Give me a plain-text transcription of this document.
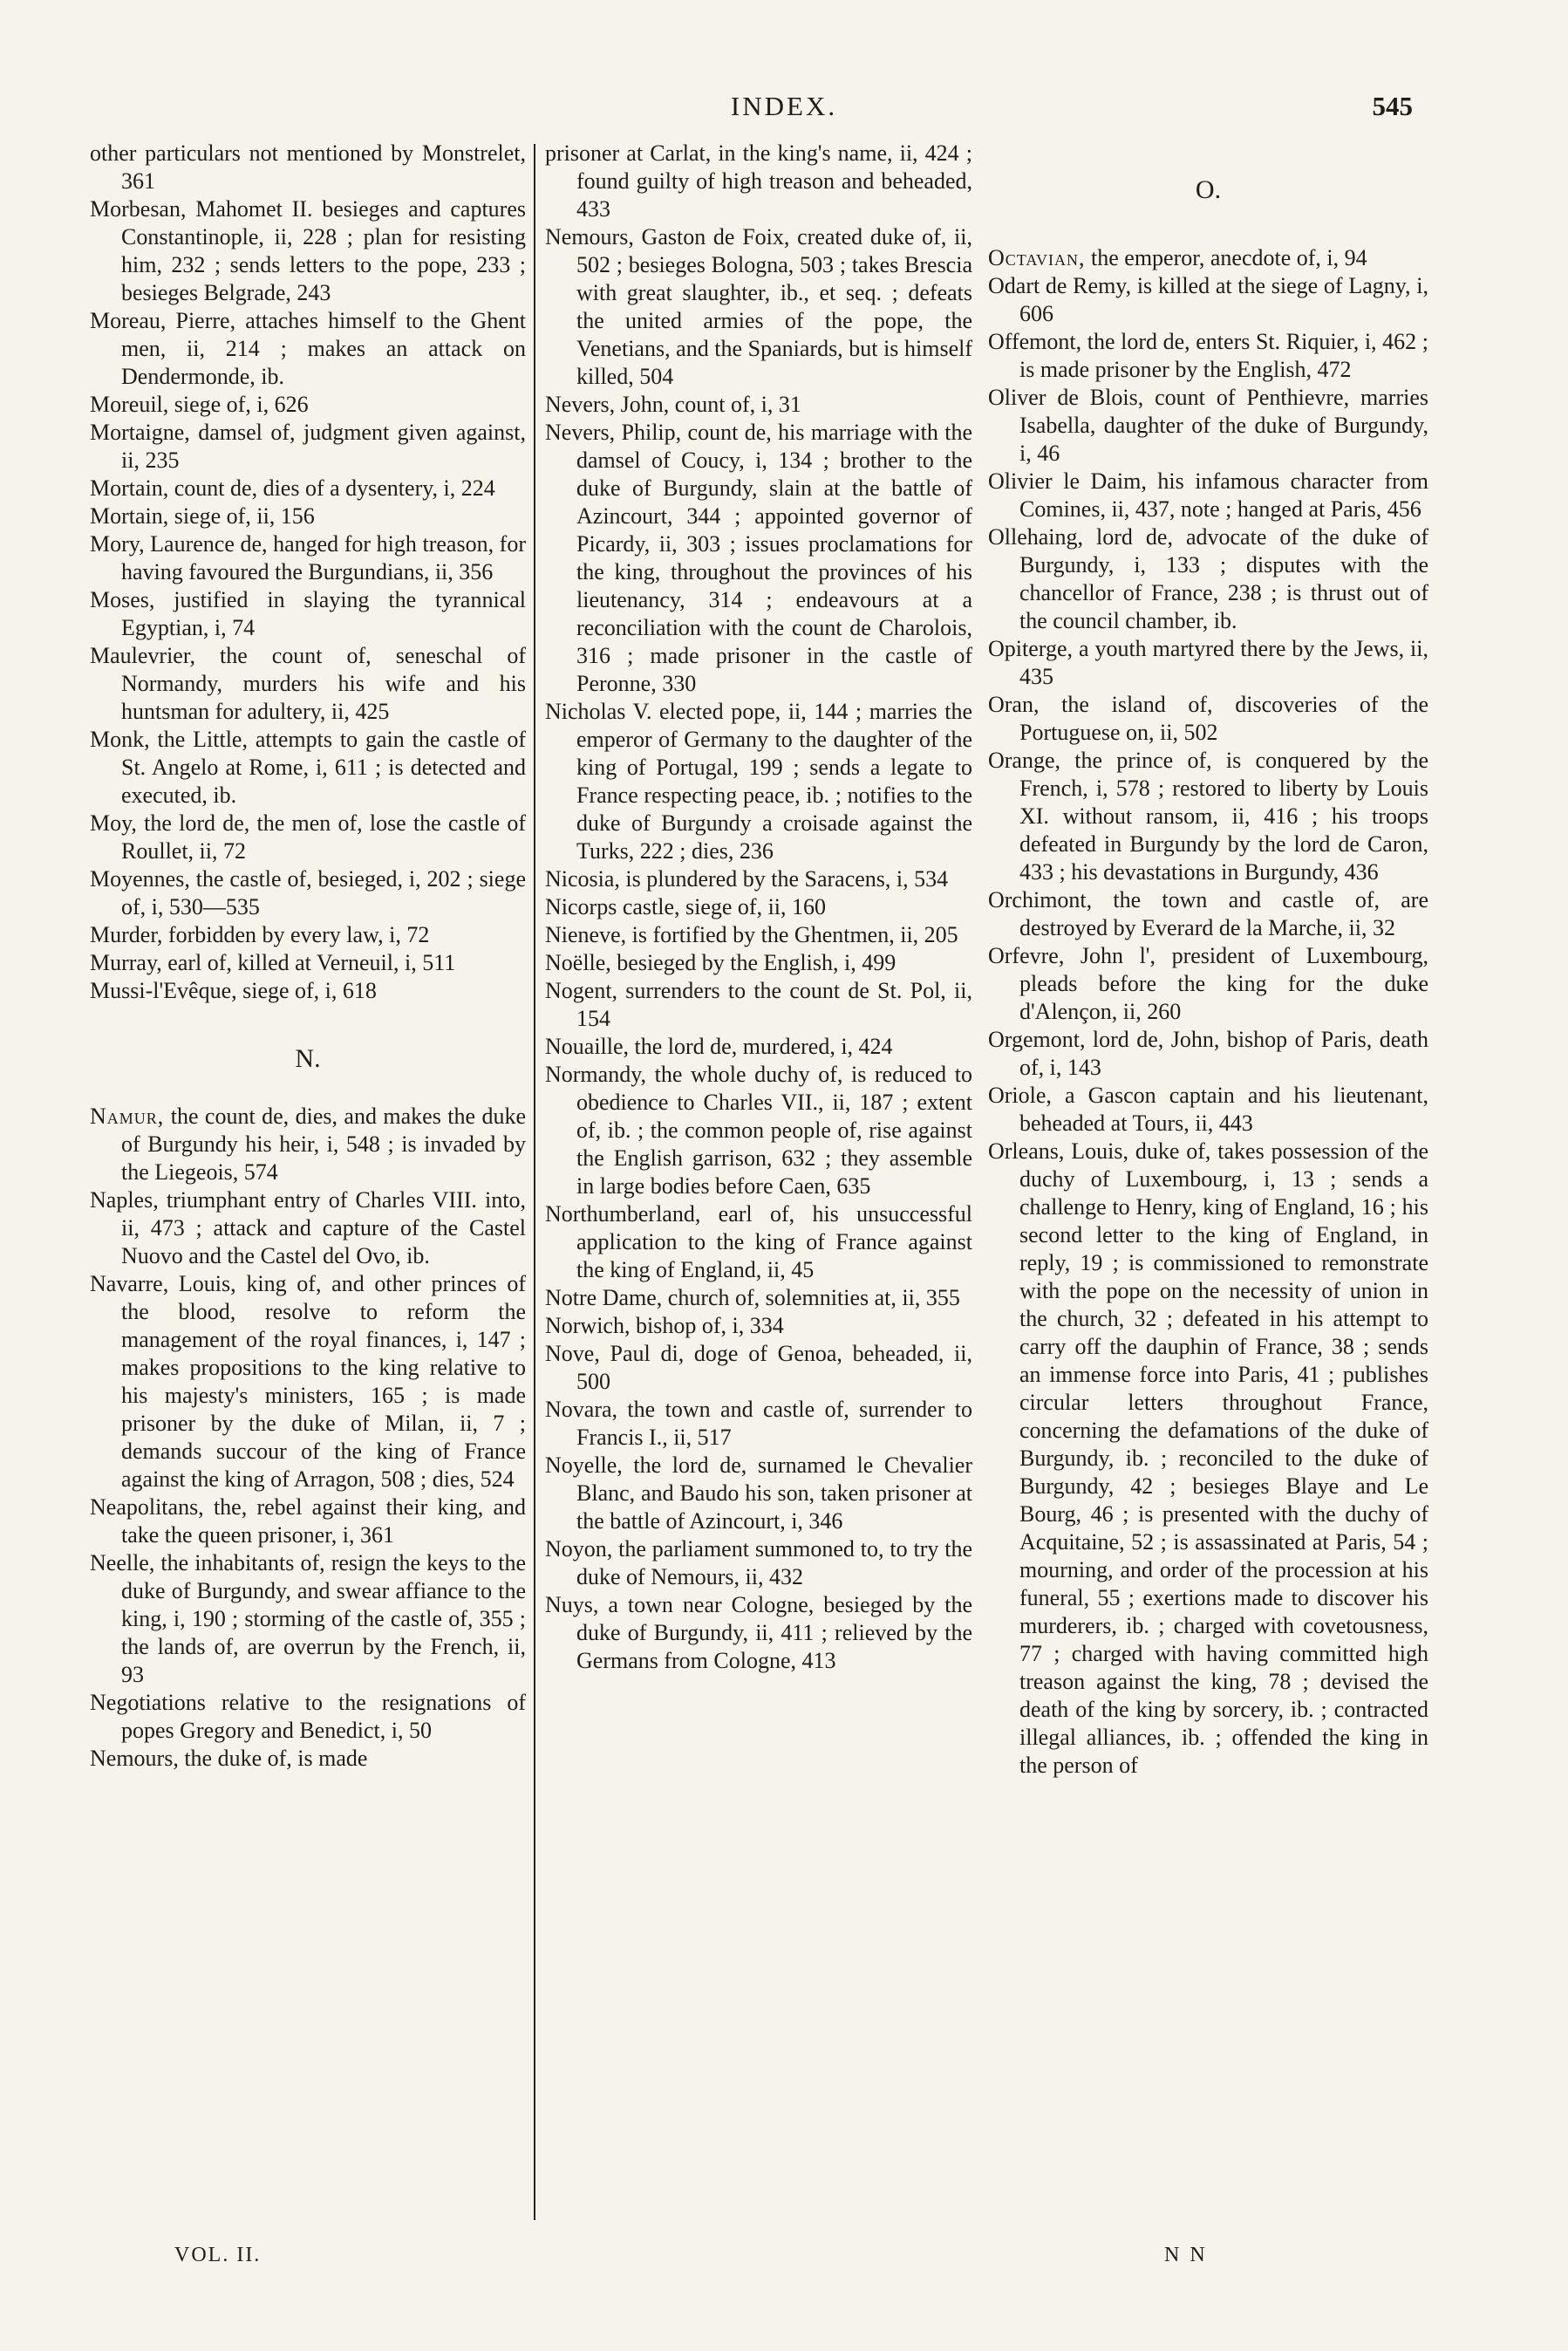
INDEX.	545

other particulars not mentioned by Monstrelet, 361

Morbesan, Mahomet II. besieges and captures Constantinople, ii, 228 ; plan for resisting him, 232 ; sends letters to the pope, 233 ; besieges Belgrade, 243

Moreau, Pierre, attaches himself to the Ghent men, ii, 214 ; makes an attack on Dendermonde, ib.

Moreuil, siege of, i, 626

Mortaigne, damsel of, judgment given against, ii, 235

Mortain, count de, dies of a dysentery, i, 224

Mortain, siege of, ii, 156

Mory, Laurence de, hanged for high treason, for having favoured the Burgundians, ii, 356

Moses, justified in slaying the tyrannical Egyptian, i, 74

Maulevrier, the count of, seneschal of Normandy, murders his wife and his huntsman for adultery, ii, 425

Monk, the Little, attempts to gain the castle of St. Angelo at Rome, i, 611 ; is detected and executed, ib.

Moy, the lord de, the men of, lose the castle of Roullet, ii, 72

Moyennes, the castle of, besieged, i, 202 ; siege of, i, 530—535

Murder, forbidden by every law, i, 72

Murray, earl of, killed at Verneuil, i, 511

Mussi-l'Evêque, siege of, i, 618

N.

Namur, the count de, dies, and makes the duke of Burgundy his heir, i, 548 ; is invaded by the Liegeois, 574

Naples, triumphant entry of Charles VIII. into, ii, 473 ; attack and capture of the Castel Nuovo and the Castel del Ovo, ib.

Navarre, Louis, king of, and other princes of the blood, resolve to reform the management of the royal finances, i, 147 ; makes propositions to the king relative to his majesty's ministers, 165 ; is made prisoner by the duke of Milan, ii, 7 ; demands succour of the king of France against the king of Arragon, 508 ; dies, 524

Neapolitans, the, rebel against their king, and take the queen prisoner, i, 361

Neelle, the inhabitants of, resign the keys to the duke of Burgundy, and swear affiance to the king, i, 190 ; storming of the castle of, 355 ; the lands of, are overrun by the French, ii, 93

Negotiations relative to the resignations of popes Gregory and Benedict, i, 50

Nemours, the duke of, is made

prisoner at Carlat, in the king's name, ii, 424 ; found guilty of high treason and beheaded, 433

Nemours, Gaston de Foix, created duke of, ii, 502 ; besieges Bologna, 503 ; takes Brescia with great slaughter, ib., et seq. ; defeats the united armies of the pope, the Venetians, and the Spaniards, but is himself killed, 504

Nevers, John, count of, i, 31

Nevers, Philip, count de, his marriage with the damsel of Coucy, i, 134 ; brother to the duke of Burgundy, slain at the battle of Azincourt, 344 ; appointed governor of Picardy, ii, 303 ; issues proclamations for the king, throughout the provinces of his lieutenancy, 314 ; endeavours at a reconciliation with the count de Charolois, 316 ; made prisoner in the castle of Peronne, 330

Nicholas V. elected pope, ii, 144 ; marries the emperor of Germany to the daughter of the king of Portugal, 199 ; sends a legate to France respecting peace, ib. ; notifies to the duke of Burgundy a croisade against the Turks, 222 ; dies, 236

Nicosia, is plundered by the Saracens, i, 534

Nicorps castle, siege of, ii, 160

Nieneve, is fortified by the Ghentmen, ii, 205

Noëlle, besieged by the English, i, 499

Nogent, surrenders to the count de St. Pol, ii, 154

Nouaille, the lord de, murdered, i, 424

Normandy, the whole duchy of, is reduced to obedience to Charles VII., ii, 187 ; extent of, ib. ; the common people of, rise against the English garrison, 632 ; they assemble in large bodies before Caen, 635

Northumberland, earl of, his unsuccessful application to the king of France against the king of England, ii, 45

Notre Dame, church of, solemnities at, ii, 355

Norwich, bishop of, i, 334

Nove, Paul di, doge of Genoa, beheaded, ii, 500

Novara, the town and castle of, surrender to Francis I., ii, 517

Noyelle, the lord de, surnamed le Chevalier Blanc, and Baudo his son, taken prisoner at the battle of Azincourt, i, 346

Noyon, the parliament summoned to, to try the duke of Nemours, ii, 432

Nuys, a town near Cologne, besieged by the duke of Burgundy, ii, 411 ; relieved by the Germans from Cologne, 413

O.

Octavian, the emperor, anecdote of, i, 94

Odart de Remy, is killed at the siege of Lagny, i, 606

Offemont, the lord de, enters St. Riquier, i, 462 ; is made prisoner by the English, 472

Oliver de Blois, count of Penthievre, marries Isabella, daughter of the duke of Burgundy, i, 46

Olivier le Daim, his infamous character from Comines, ii, 437, note ; hanged at Paris, 456

Ollehaing, lord de, advocate of the duke of Burgundy, i, 133 ; disputes with the chancellor of France, 238 ; is thrust out of the council chamber, ib.

Opiterge, a youth martyred there by the Jews, ii, 435

Oran, the island of, discoveries of the Portuguese on, ii, 502

Orange, the prince of, is conquered by the French, i, 578 ; restored to liberty by Louis XI. without ransom, ii, 416 ; his troops defeated in Burgundy by the lord de Caron, 433 ; his devastations in Burgundy, 436

Orchimont, the town and castle of, are destroyed by Everard de la Marche, ii, 32

Orfevre, John l', president of Luxembourg, pleads before the king for the duke d'Alençon, ii, 260

Orgemont, lord de, John, bishop of Paris, death of, i, 143

Oriole, a Gascon captain and his lieutenant, beheaded at Tours, ii, 443

Orleans, Louis, duke of, takes possession of the duchy of Luxembourg, i, 13 ; sends a challenge to Henry, king of England, 16 ; his second letter to the king of England, in reply, 19 ; is commissioned to remonstrate with the pope on the necessity of union in the church, 32 ; defeated in his attempt to carry off the dauphin of France, 38 ; sends an immense force into Paris, 41 ; publishes circular letters throughout France, concerning the defamations of the duke of Burgundy, ib. ; reconciled to the duke of Burgundy, 42 ; besieges Blaye and Le Bourg, 46 ; is presented with the duchy of Acquitaine, 52 ; is assassinated at Paris, 54 ; mourning, and order of the procession at his funeral, 55 ; exertions made to discover his murderers, ib. ; charged with covetousness, 77 ; charged with having committed high treason against the king, 78 ; devised the death of the king by sorcery, ib. ; contracted illegal alliances, ib. ; offended the king in the person of

VOL. II.	N N
